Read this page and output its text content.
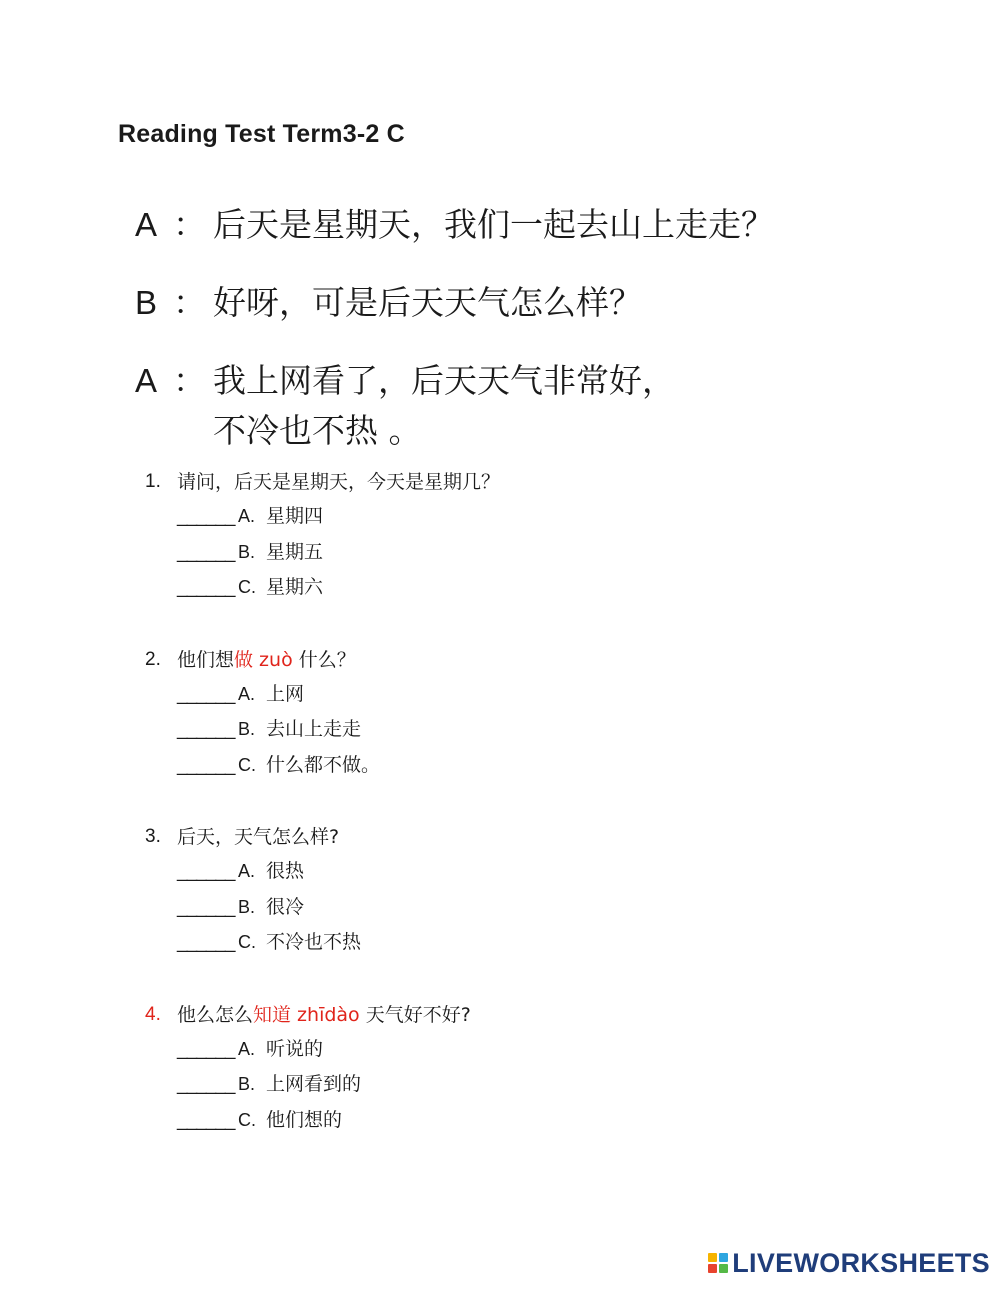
Reading Test Term3-2 C
A ： 后天是星期天，我们一起去山上走走？
B ： 好呀，可是后天天气怎么样？
A ： 我上网看了，后天天气非常好，
不冷也不热 。
1. 请问，后天是星期天，今天是星期几？
______ A. 星期四
______ B. 星期五
______ C. 星期六
2. 他们想做 zuò 什么？
______ A. 上网
______ B. 去山上走走
______ C. 什么都不做。
3. 后天，天气怎么样?
______ A. 很热
______ B. 很冷
______ C. 不冷也不热
4. 他么怎么知道 zhīdào 天气好不好?
______ A. 听说的
______ B. 上网看到的
______ C. 他们想的
LIVEWORKSHEETS
